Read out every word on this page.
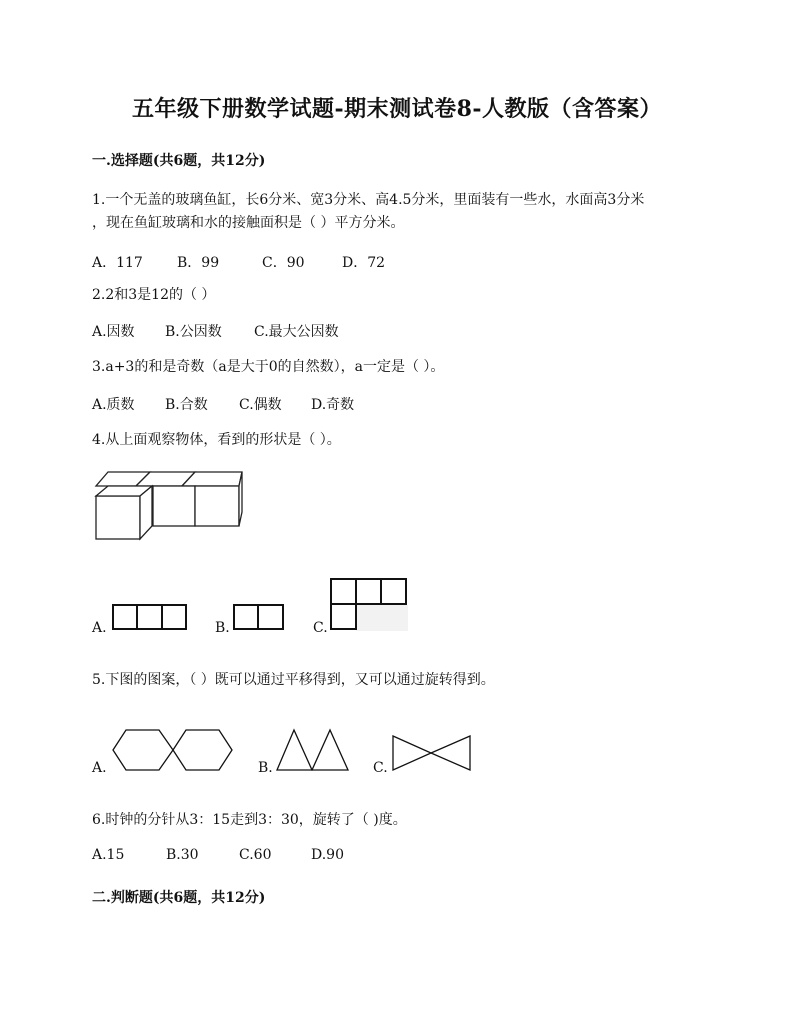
五年级下册数学试题-期末测试卷8-人教版（含答案）
一.选择题(共6题，共12分)
1.一个无盖的玻璃鱼缸，长6分米、宽3分米、高4.5分米，里面装有一些水，水面高3分米
，现在鱼缸玻璃和水的接触面积是（ ）平方分米。
A．117 B．99	C．90	D．72
2.2和3是12的（ ）
A.因数 B.公因数 C.最大公因数
3.a+3的和是奇数（a是大于0的自然数），a一定是（ ）。
A.质数 B.合数 C.偶数 D.奇数
4.从上面观察物体，看到的形状是（ ）。
A.	B.	C.
5.下图的图案，（ ）既可以通过平移得到，又可以通过旋转得到。
A.	B.	C.
6.时钟的分针从3：15走到3：30，旋转了（ )度。
A.15	B.30	C.60	D.90
二.判断题(共6题，共12分)
